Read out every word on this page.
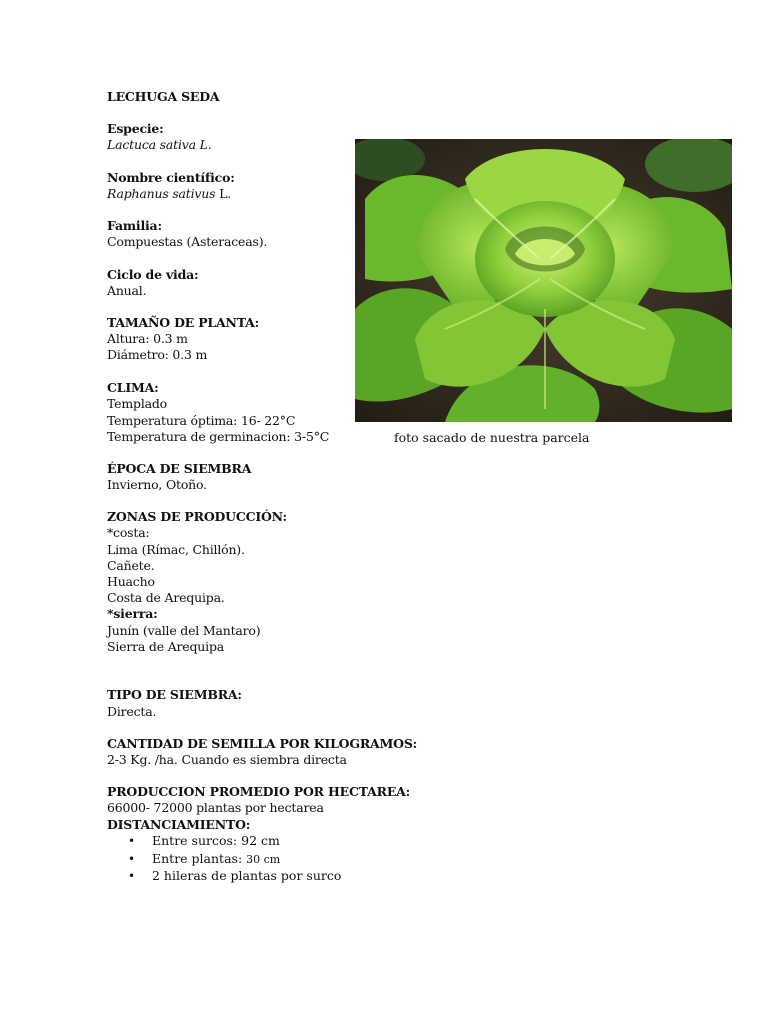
LECHUGA SEDA
Especie:
Lactuca sativa L.
Nombre científico:
Raphanus sativus L.
Familia:
Compuestas (Asteraceas).
Ciclo de vida:
Anual.
TAMAÑO DE PLANTA:
Altura: 0.3 m
Diámetro: 0.3 m
CLIMA:
Templado
Temperatura óptima: 16- 22°C
Temperatura de germinacion: 3-5°C
ÉPOCA DE SIEMBRA
Invierno, Otoño.
ZONAS DE PRODUCCIÓN:
*costa:
Lima (Rímac, Chillón).
Cañete.
Huacho
Costa de Arequipa.
*sierra:
Junín (valle del Mantaro)
Sierra de Arequipa
TIPO DE SIEMBRA:
Directa.
CANTIDAD DE SEMILLA POR KILOGRAMOS:
2-3 Kg. /ha. Cuando es siembra directa
PRODUCCION PROMEDIO POR HECTAREA:
66000- 72000 plantas por hectarea
DISTANCIAMIENTO:
• Entre surcos: 92 cm
• Entre plantas: 30 cm
• 2 hileras de plantas por surco
foto sacado de nuestra parcela
